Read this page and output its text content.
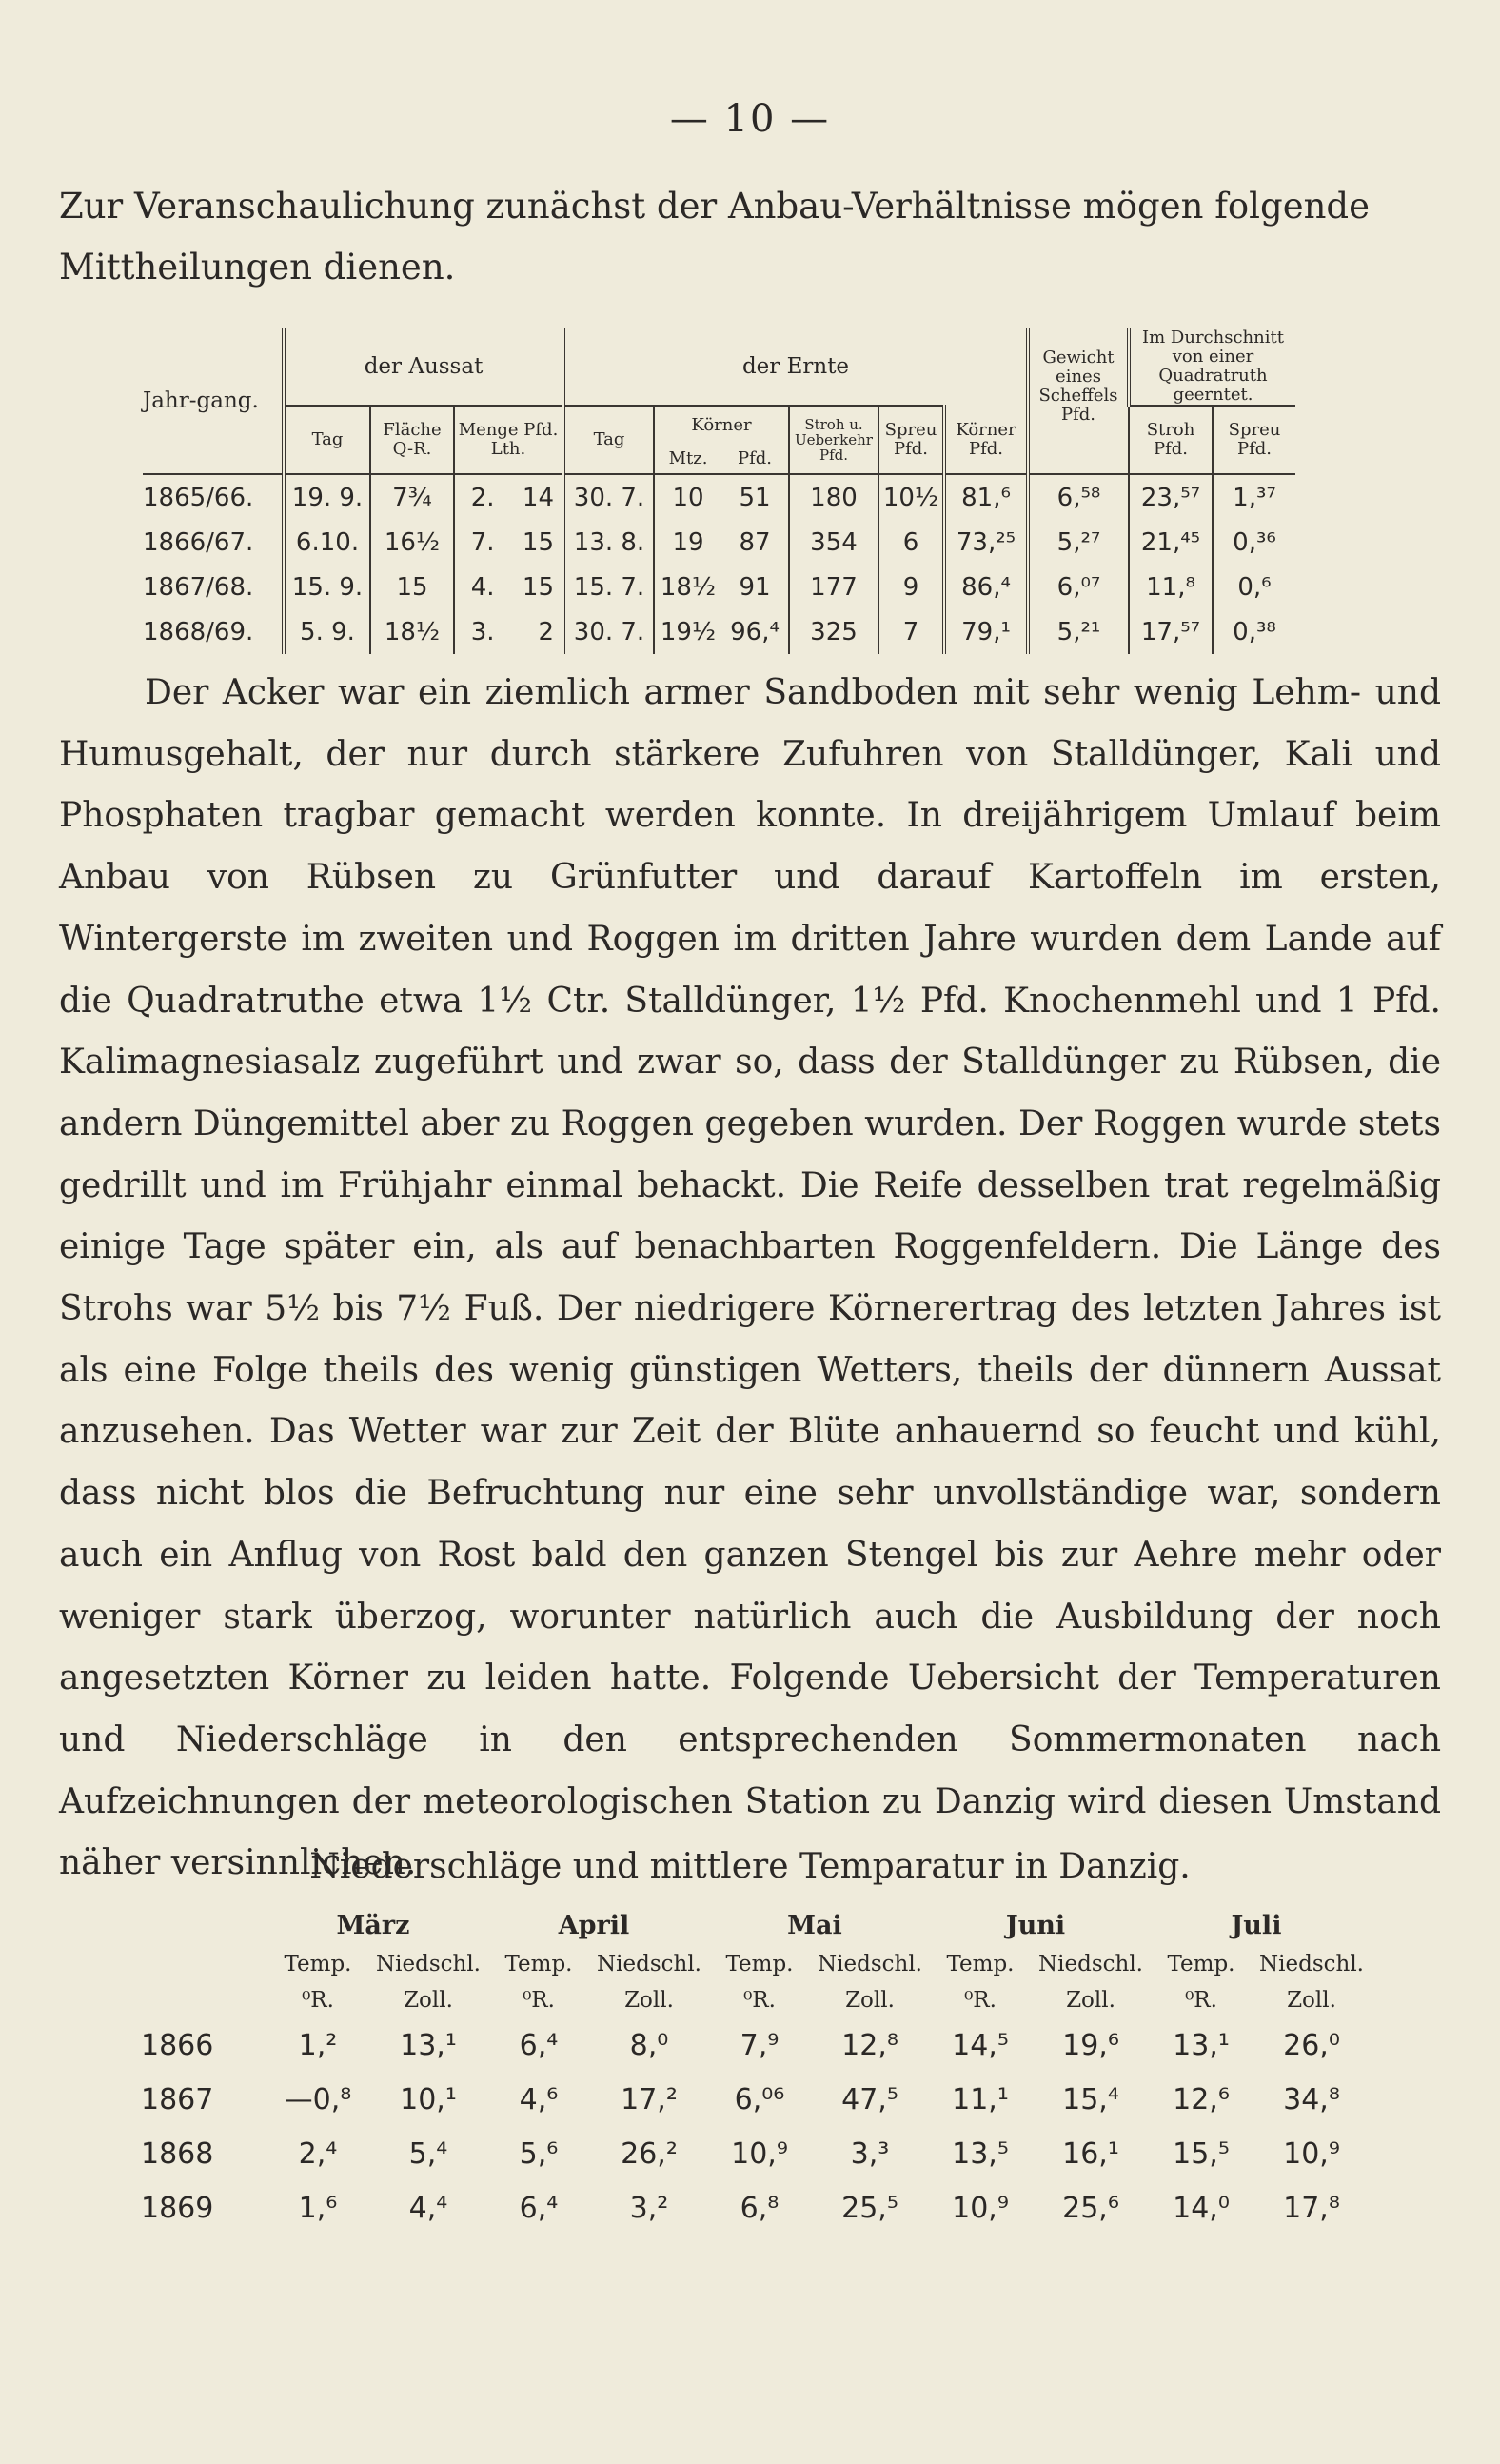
— 10 —

Zur Veranschaulichung zunächst der Anbau-Verhältnisse mögen folgende Mittheilungen dienen.

Jahr-gang.	der Aussat				der Ernte						Gewicht eines Scheffels Pfd.	Im Durchschnitt von einer Quadratruth geerntet.	
	Tag	Fläche Q-R.	Menge Pfd. Lth.		Tag	Körner		Stroh u. Ueberkehr Pfd.	Spreu Pfd.	Körner Pfd.		Stroh Pfd.	Spreu Pfd.
						Mtz.	Pfd.						
1865/66.	19. 9.	7¾	2.	14	30. 7.	10	51	180	10½	81,⁶	6,⁵⁸	23,⁵⁷	1,³⁷
1866/67.	6.10.	16½	7.	15	13. 8.	19	87	354	6	73,²⁵	5,²⁷	21,⁴⁵	0,³⁶
1867/68.	15. 9.	15	4.	15	15. 7.	18½	91	177	9	86,⁴	6,⁰⁷	11,⁸	0,⁶
1868/69.	5. 9.	18½	3.	2	30. 7.	19½	96,⁴	325	7	79,¹	5,²¹	17,⁵⁷	0,³⁸

Der Acker war ein ziemlich armer Sandboden mit sehr wenig Lehm- und Humusgehalt, der nur durch stärkere Zufuhren von Stalldünger, Kali und Phosphaten tragbar gemacht werden konnte. In dreijährigem Umlauf beim Anbau von Rübsen zu Grünfutter und darauf Kartoffeln im ersten, Wintergerste im zweiten und Roggen im dritten Jahre wurden dem Lande auf die Quadratruthe etwa 1½ Ctr. Stalldünger, 1½ Pfd. Knochenmehl und 1 Pfd. Kalimagnesiasalz zugeführt und zwar so, dass der Stalldünger zu Rübsen, die andern Düngemittel aber zu Roggen gegeben wurden. Der Roggen wurde stets gedrillt und im Frühjahr einmal behackt. Die Reife desselben trat regelmäßig einige Tage später ein, als auf benachbarten Roggenfeldern. Die Länge des Strohs war 5½ bis 7½ Fuß. Der niedrigere Körnerertrag des letzten Jahres ist als eine Folge theils des wenig günstigen Wetters, theils der dünnern Aussat anzusehen. Das Wetter war zur Zeit der Blüte anhauernd so feucht und kühl, dass nicht blos die Befruchtung nur eine sehr unvollständige war, sondern auch ein Anflug von Rost bald den ganzen Stengel bis zur Aehre mehr oder weniger stark überzog, worunter natürlich auch die Ausbildung der noch angesetzten Körner zu leiden hatte. Folgende Uebersicht der Temperaturen und Niederschläge in den entsprechenden Sommermonaten nach Aufzeichnungen der meteorologischen Station zu Danzig wird diesen Umstand näher versinnlichen.

Niederschläge und mittlere Temparatur in Danzig.
	März		April		Mai		Juni		Juli	
	Temp.	Niedschl.	Temp.	Niedschl.	Temp.	Niedschl.	Temp.	Niedschl.	Temp.	Niedschl.
	⁰R.	Zoll.	⁰R.	Zoll.	⁰R.	Zoll.	⁰R.	Zoll.	⁰R.	Zoll.
1866	1,²	13,¹	6,⁴	8,⁰	7,⁹	12,⁸	14,⁵	19,⁶	13,¹	26,⁰
1867	—0,⁸	10,¹	4,⁶	17,²	6,⁰⁶	47,⁵	11,¹	15,⁴	12,⁶	34,⁸
1868	2,⁴	5,⁴	5,⁶	26,²	10,⁹	3,³	13,⁵	16,¹	15,⁵	10,⁹
1869	1,⁶	4,⁴	6,⁴	3,²	6,⁸	25,⁵	10,⁹	25,⁶	14,⁰	17,⁸
